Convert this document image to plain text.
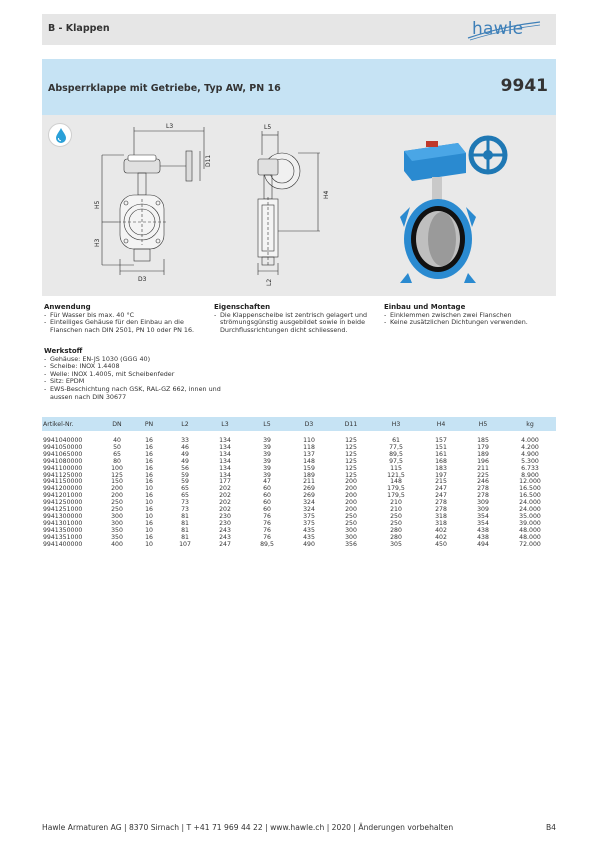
B - Klappen	hawle
Absperrklappe mit Getriebe, Typ AW, PN 16	9941
L3
D11
H5
H3
D3
L5
H4
L2
Anwendung
- Für Wasser bis max. 40 °C
- Einteiliges Gehäuse für den Einbau an die Flanschen nach DIN 2501, PN 10 oder PN 16.
Eigenschaften
- Die Klappenscheibe ist zentrisch gelagert und strömungsgünstig ausgebildet sowie in beide Durchflussrichtungen dicht schliessend.
Einbau und Montage
- Einklemmen zwischen zwei Flanschen
- Keine zusätzlichen Dichtungen verwenden.
Werkstoff
- Gehäuse: EN-JS 1030 (GGG 40)
- Scheibe: INOX 1.4408
- Welle: INOX 1.4005, mit Scheibenfeder
- Sitz: EPDM
- EWS-Beschichtung nach GSK, RAL-GZ 662, innen und aussen nach DIN 30677
Artikel-Nr.	DN	PN	L2	L3	L5	D3	D11	H3	H4	H5	kg

9941040000	40	16	33	134	39	110	125	61	157	185	4.000
9941050000	50	16	46	134	39	118	125	77,5	151	179	4.200
9941065000	65	16	49	134	39	137	125	89,5	161	189	4.900
9941080000	80	16	49	134	39	148	125	97,5	168	196	5.300
9941100000	100	16	56	134	39	159	125	115	183	211	6.733
9941125000	125	16	59	134	39	189	125	121,5	197	225	8.900
9941150000	150	16	59	177	47	211	200	148	215	246	12.000
9941200000	200	10	65	202	60	269	200	179,5	247	278	16.500
9941201000	200	16	65	202	60	269	200	179,5	247	278	16.500
9941250000	250	10	73	202	60	324	200	210	278	309	24.000
9941251000	250	16	73	202	60	324	200	210	278	309	24.000
9941300000	300	10	81	230	76	375	250	250	318	354	35.000
9941301000	300	16	81	230	76	375	250	250	318	354	39.000
9941350000	350	10	81	243	76	435	300	280	402	438	48.000
9941351000	350	16	81	243	76	435	300	280	402	438	48.000
9941400000	400	10	107	247	89,5	490	356	305	450	494	72.000
Hawle Armaturen AG | 8370 Sirnach | T +41 71 969 44 22 | www.hawle.ch | 2020 | Änderungen vorbehalten	B4
